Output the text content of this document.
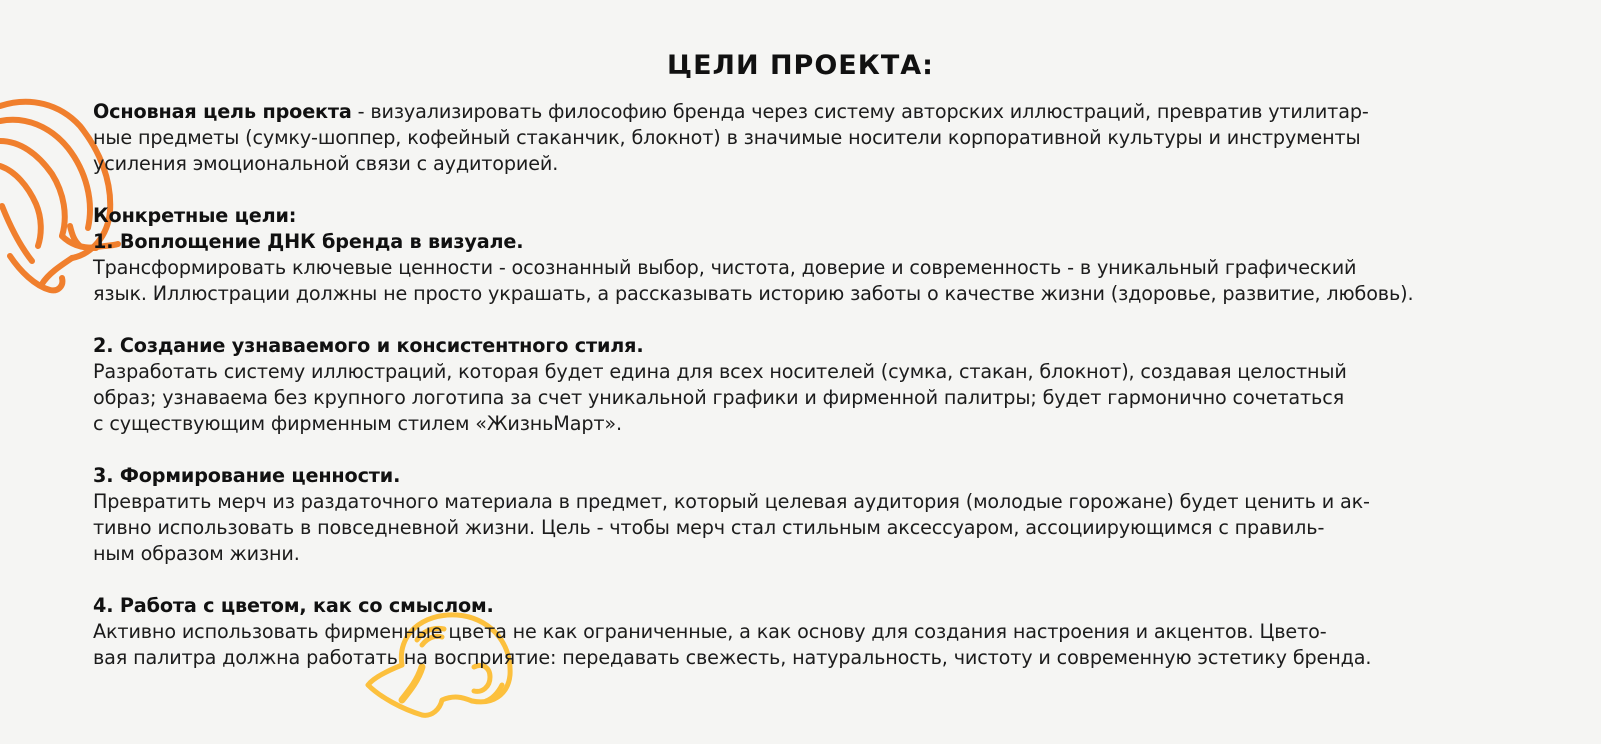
ЦЕЛИ ПРОЕКТА:

Основная цель проекта - визуализировать философию бренда через систему авторских иллюстраций, превратив утилитар-

ные предметы (сумку-шоппер, кофейный стаканчик, блокнот) в значимые носители корпоративной культуры и инструменты

усиления эмоциональной связи с аудиторией.

Конкретные цели:

1. Воплощение ДНК бренда в визуале.

Трансформировать ключевые ценности - осознанный выбор, чистота, доверие и современность - в уникальный графический

язык. Иллюстрации должны не просто украшать, а рассказывать историю заботы о качестве жизни (здоровье, развитие, любовь).

2. Создание узнаваемого и консистентного стиля.

Разработать систему иллюстраций, которая будет едина для всех носителей (сумка, стакан, блокнот), создавая целостный

образ; узнаваема без крупного логотипа за счет уникальной графики и фирменной палитры; будет гармонично сочетаться

с существующим фирменным стилем «ЖизньМарт».

3. Формирование ценности.

Превратить мерч из раздаточного материала в предмет, который целевая аудитория (молодые горожане) будет ценить и ак-

тивно использовать в повседневной жизни. Цель - чтобы мерч стал стильным аксессуаром, ассоциирующимся с правиль-

ным образом жизни.

4. Работа с цветом, как со смыслом.

Активно использовать фирменные цвета не как ограниченные, а как основу для создания настроения и акцентов. Цвето-

вая палитра должна работать на восприятие: передавать свежесть, натуральность, чистоту и современную эстетику бренда.
